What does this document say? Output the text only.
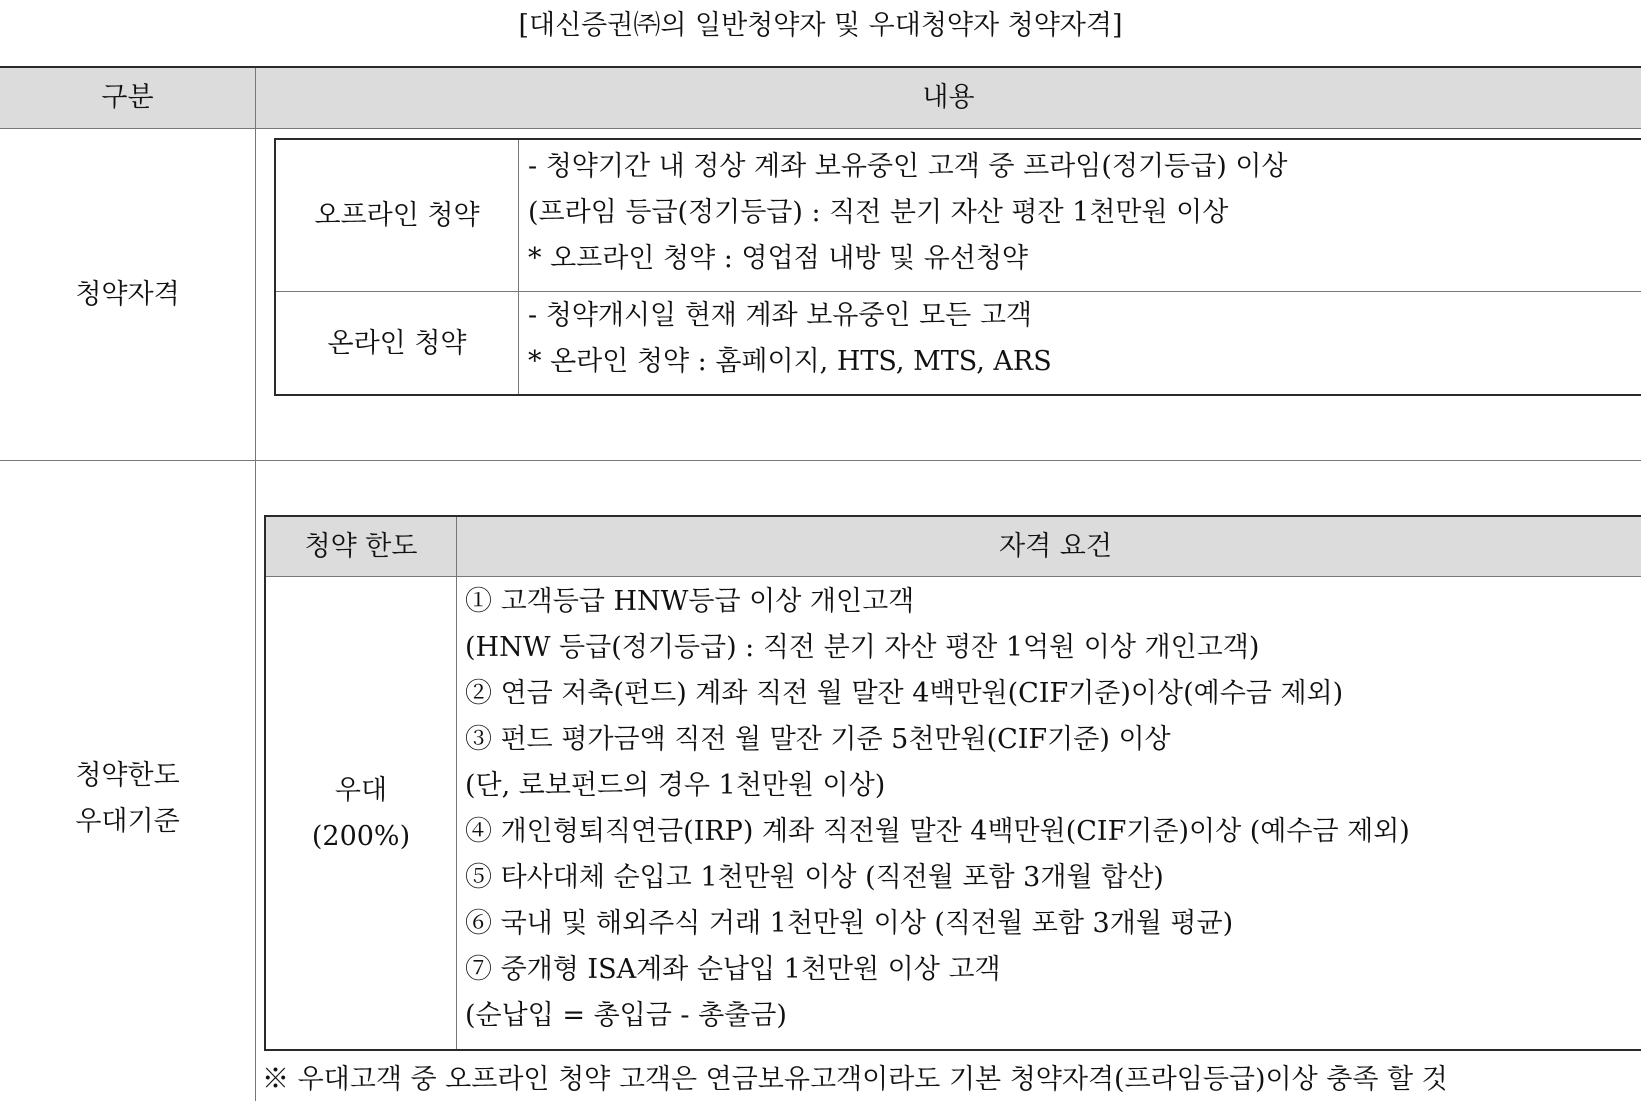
[대신증권㈜의 일반청약자 및 우대청약자 청약자격]
구분	내용
청약자격
오프라인 청약
- 청약기간 내 정상 계좌 보유중인 고객 중 프라임(정기등급) 이상
(프라임 등급(정기등급) : 직전 분기 자산 평잔 1천만원 이상
* 오프라인 청약 : 영업점 내방 및 유선청약
온라인 청약
- 청약개시일 현재 계좌 보유중인 모든 고객
* 온라인 청약 : 홈페이지, HTS, MTS, ARS
청약한도
우대기준
청약 한도	자격 요건
우대
(200%)
① 고객등급 HNW등급 이상 개인고객
(HNW 등급(정기등급) : 직전 분기 자산 평잔 1억원 이상 개인고객)
② 연금 저축(펀드) 계좌 직전 월 말잔 4백만원(CIF기준)이상(예수금 제외)
③ 펀드 평가금액 직전 월 말잔 기준 5천만원(CIF기준) 이상
(단, 로보펀드의 경우 1천만원 이상)
④ 개인형퇴직연금(IRP) 계좌 직전월 말잔 4백만원(CIF기준)이상 (예수금 제외)
⑤ 타사대체 순입고 1천만원 이상 (직전월 포함 3개월 합산)
⑥ 국내 및 해외주식 거래 1천만원 이상 (직전월 포함 3개월 평균)
⑦ 중개형 ISA계좌 순납입 1천만원 이상 고객
(순납입 = 총입금 - 총출금)
※ 우대고객 중 오프라인 청약 고객은 연금보유고객이라도 기본 청약자격(프라임등급)이상 충족 할 것
